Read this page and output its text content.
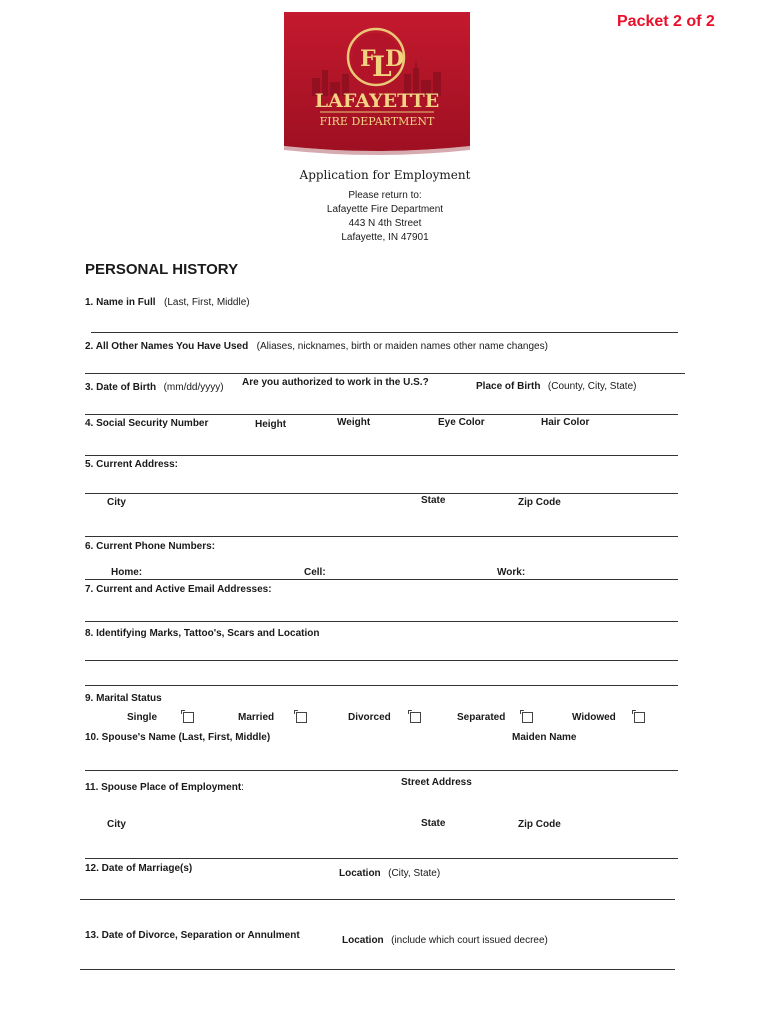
Packet 2 of 2
F
L
D
LAFAYETTE
FIRE DEPARTMENT
Application for Employment
Please return to:
Lafayette Fire Department
443 N 4th Street
Lafayette, IN 47901
PERSONAL HISTORY
1. Name in Full (Last, First, Middle)
2. All Other Names You Have Used (Aliases, nicknames, birth or maiden names other name changes)
3. Date of Birth (mm/dd/yyyy) Are you authorized to work in the U.S.?	Place of Birth (County, City, State)
4. Social Security Number	Height	Weight	Eye Color	Hair Color
5. Current Address:
City	State	Zip Code
6. Current Phone Numbers:
Home:	Cell:	Work:
7. Current and Active Email Addresses:
8. Identifying Marks, Tattoo's, Scars and Location
9. Marital Status
Single	Married	Divorced	Separated	Widowed
10. Spouse's Name (Last, First, Middle)	Maiden Name
11. Spouse Place of Employment:	Street Address
City	State	Zip Code
12. Date of Marriage(s)	Location (City, State)
13. Date of Divorce, Separation or Annulment	Location (include which court issued decree)
